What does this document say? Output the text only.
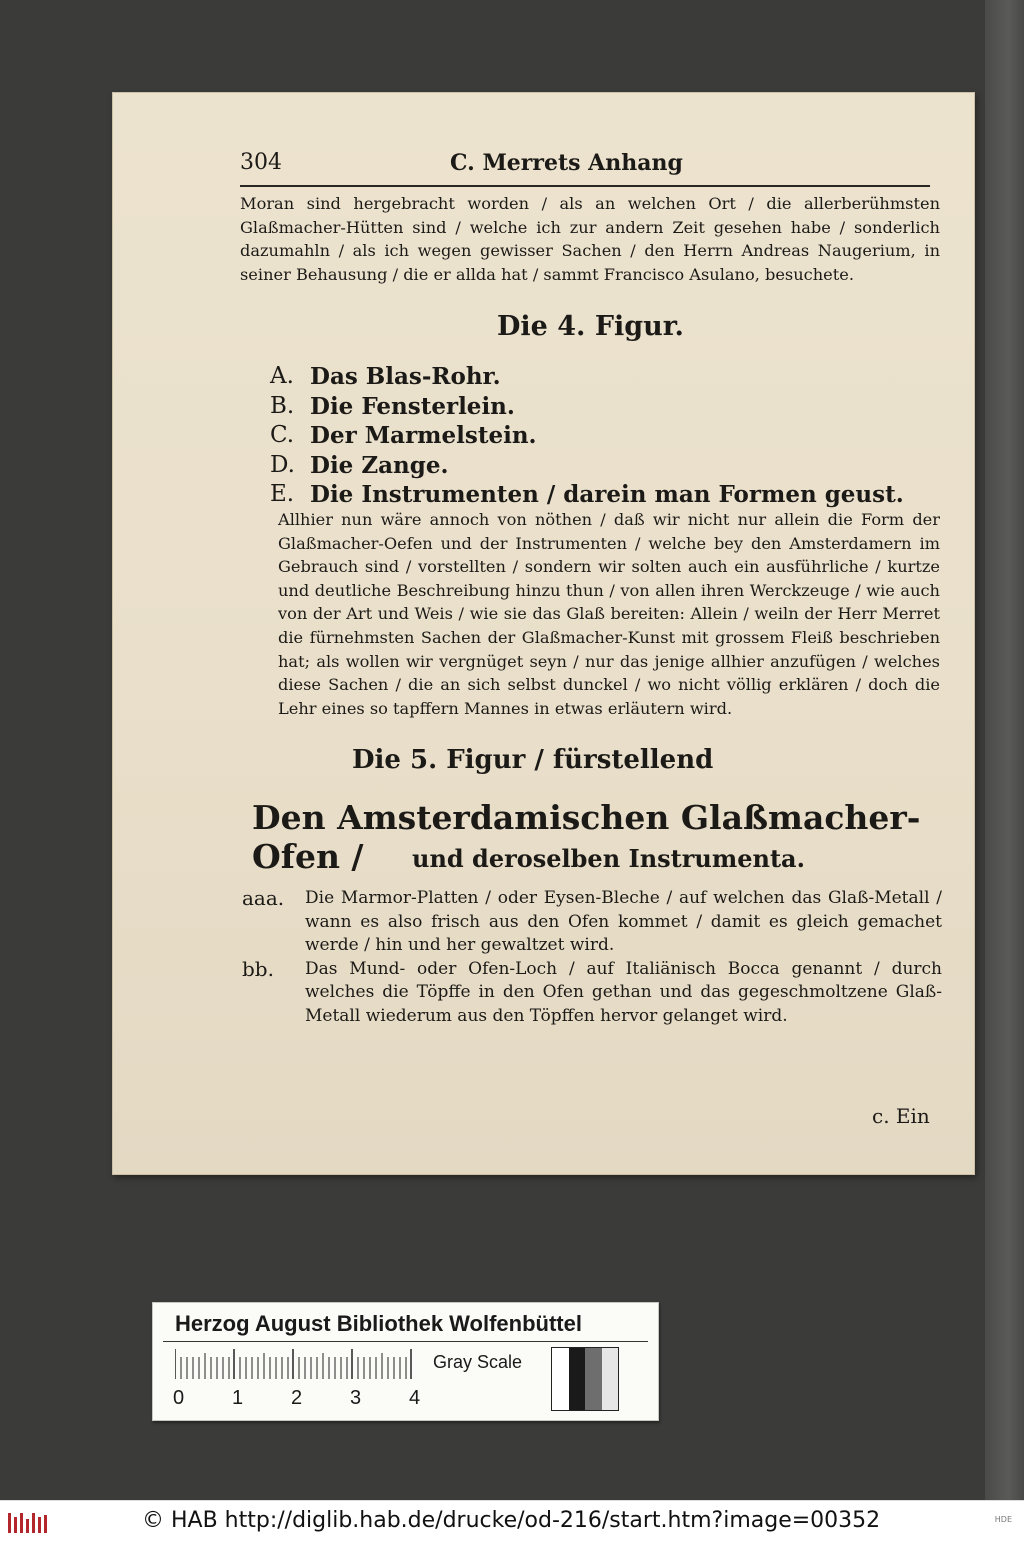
304	C. Merrets Anhang
Moran sind hergebracht worden / als an welchen Ort / die allerberühmsten Glaßmacher-Hütten sind / welche ich zur andern Zeit gesehen habe / sonderlich dazumahln / als ich wegen gewisser Sachen / den Herrn Andreas Naugerium, in seiner Behausung / die er allda hat / sammt Francisco Asulano, besuchete.
Die 4. Figur.
A. Das Blas-Rohr.
B. Die Fensterlein.
C. Der Marmelstein.
D. Die Zange.
E. Die Instrumenten / darein man Formen geust.
Allhier nun wäre annoch von nöthen / daß wir nicht nur allein die Form der Glaßmacher-Oefen und der Instrumenten / welche bey den Amsterdamern im Gebrauch sind / vorstellten / sondern wir solten auch ein ausführliche / kurtze und deutliche Beschreibung hinzu thun / von allen ihren Werckzeuge / wie auch von der Art und Weis / wie sie das Glaß bereiten: Allein / weiln der Herr Merret die fürnehmsten Sachen der Glaßmacher-Kunst mit grossem Fleiß beschrieben hat; als wollen wir vergnüget seyn / nur das jenige allhier anzufügen / welches diese Sachen / die an sich selbst dunckel / wo nicht völlig erklären / doch die Lehr eines so tapffern Mannes in etwas erläutern wird.
Die 5. Figur / fürstellend
Den Amsterdamischen Glaßmacher-Ofen /	und deroselben Instrumenta.
aaa.	Die Marmor-Platten / oder Eysen-Bleche / auf welchen das Glaß-Metall / wann es also frisch aus den Ofen kommet / damit es gleich gemachet werde / hin und her gewaltzet wird.
bb.	Das Mund- oder Ofen-Loch / auf Italiänisch Bocca genannt / durch welches die Töpffe in den Ofen gethan und das gegeschmoltzene Glaß-Metall wiederum aus den Töpffen hervor gelanget wird.
c. Ein
Herzog August Bibliothek Wolfenbüttel
Gray Scale
0 1 2 3 4
© HAB http://diglib.hab.de/drucke/od-216/start.htm?image=00352	HDE
